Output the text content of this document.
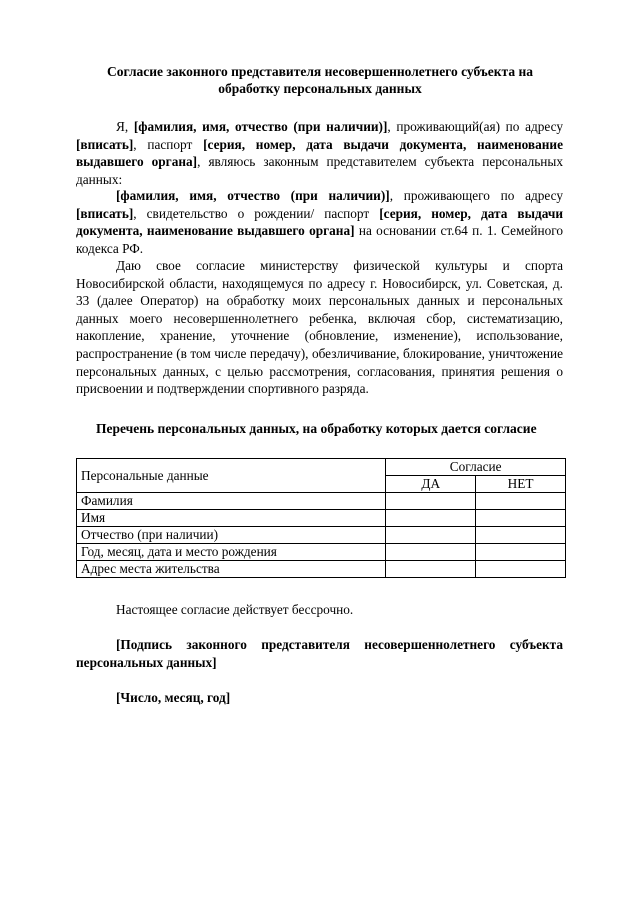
Согласие законного представителя несовершеннолетнего субъекта на
обработку персональных данных

Я, [фамилия, имя, отчество (при наличии)], проживающий(ая) по адресу [вписать], паспорт [серия, номер, дата выдачи документа, наименование выдавшего органа], являюсь законным представителем субъекта персональных данных:

[фамилия, имя, отчество (при наличии)], проживающего по адресу [вписать], свидетельство о рождении/ паспорт [серия, номер, дата выдачи документа, наименование выдавшего органа] на основании ст.64 п. 1. Семейного кодекса РФ.

Даю свое согласие министерству физической культуры и спорта Новосибирской области, находящемуся по адресу г. Новосибирск, ул. Советская, д. 33 (далее Оператор) на обработку моих персональных данных и персональных данных моего несовершеннолетнего ребенка, включая сбор, систематизацию, накопление, хранение, уточнение (обновление, изменение), использование, распространение (в том числе передачу), обезличивание, блокирование, уничтожение персональных данных, с целью рассмотрения, согласования, принятия решения о присвоении и подтверждении спортивного разряда.

Перечень персональных данных, на обработку которых дается согласие
Персональные данные	Согласие	
	ДА	НЕТ
Фамилия		
Имя		
Отчество (при наличии)		
Год, месяц, дата и место рождения		
Адрес места жительства		
Настоящее согласие действует бессрочно.
[Подпись законного представителя несовершеннолетнего субъекта персональных данных]
[Число, месяц, год]
